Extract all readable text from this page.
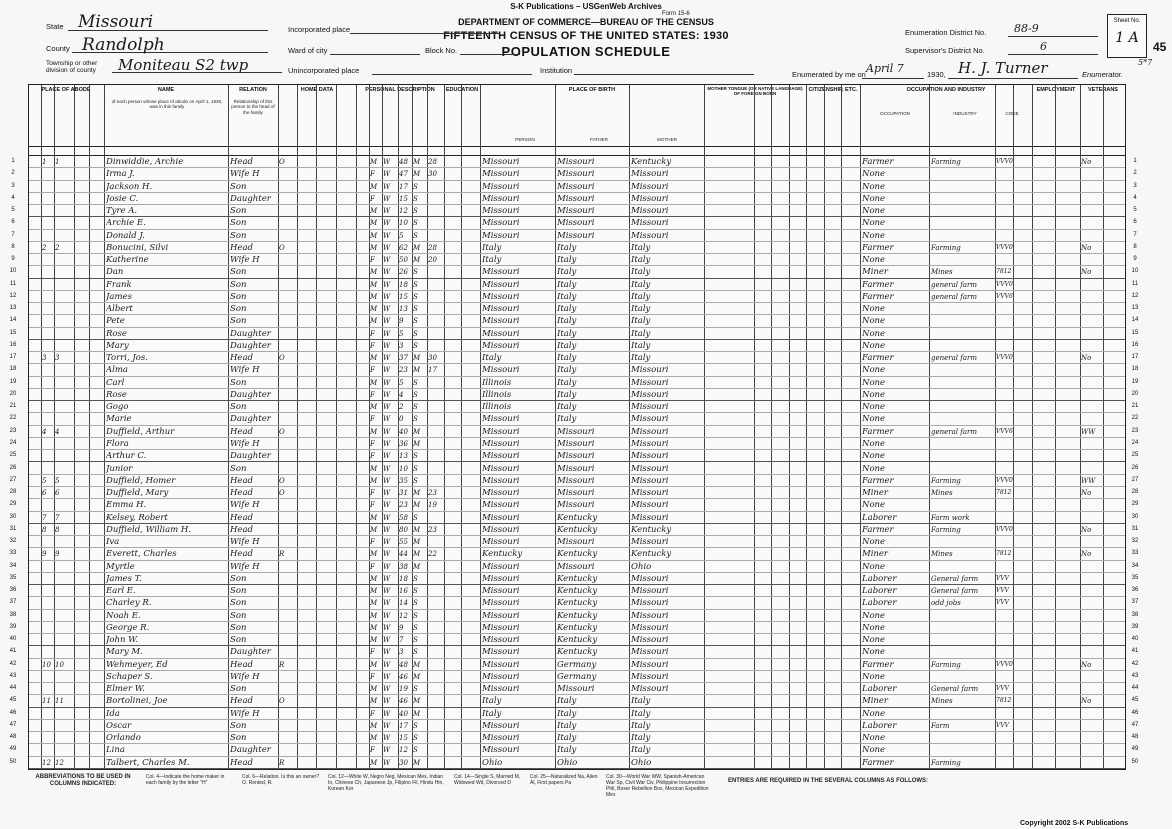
S-K Publications – USGenWeb Archives
Form 15-6
DEPARTMENT OF COMMERCE—BUREAU OF THE CENSUS
FIFTEENTH CENSUS OF THE UNITED STATES: 1930
POPULATION SCHEDULE
State Missouri
County Randolph
Township or other division of county	Moniteau S2 twp
Incorporated place
Ward of city	Block No.
Unincorporated place	Institution
Enumeration District No.	88-9
Supervisor's District No.	6
Enumerated by me on April 7	1930, H. J. Turner	Enumerator.
Sheet No.
1 A
45
5*7
PLACE OF ABODE	NAME	RELATION	HOME DATA	PERSONAL DESCRIPTION	EDUCATION	PLACE OF BIRTH	MOTHER TONGUE (OR NATIVE LANGUAGE) OF FOREIGN BORN
CITIZENSHIP, ETC.	OCCUPATION AND INDUSTRY	EMPLOYMENT	VETERANS
of each person whose place of abode on April 1, 1930, was in this family
Relationship of this person to the head of the family
PERSON	FATHER	MOTHER
OCCUPATION	INDUSTRY	CODE
1	1
1	1	Dinwiddie, Archie	Head	O	M W	48 M	28	Missouri	Missouri	Kentucky	Farmer	Farming	VVV0	No
2	2
Irma J.	Wife H	F	W	47 M	30	Missouri	Missouri	Missouri	None
3	3
Jackson H.	Son	M W	17 S	Missouri	Missouri	Missouri	None
4	4
Josie C.	Daughter	F	W	15 S	Missouri	Missouri	Missouri	None
5	5
Tyre A.	Son	M W	12 S	Missouri	Missouri	Missouri	None
6	6
Archie E.	Son	M W	10 S	Missouri	Missouri	Missouri	None
7	7
Donald J.	Son	M W	5	S	Missouri	Missouri	Missouri	None
8	8
2	2	Bonucini, Silvi	Head	O	M W	62 M	28	Italy	Italy	Italy	Farmer	Farming	VVV0	No
9	9
Katherine	Wife H	F	W	50 M	20	Italy	Italy	Italy	None
10	10
Dan	Son	M W	26 S	Missouri	Italy	Italy	Miner	Mines	7812	No
11	11
Frank	Son	M W	18 S	Missouri	Italy	Italy	Farmer	general farm	VVV0
12	12
James	Son	M W	15 S	Missouri	Italy	Italy	Farmer	general farm	VVV6
13	13
Albert	Son	M W	13 S	Missouri	Italy	Italy	None
14	14
Pete	Son	M W	9	S	Missouri	Italy	Italy	None
15	15
Rose	Daughter	F	W	5	S	Missouri	Italy	Italy	None
16	16
Mary	Daughter	F	W	3	S	Missouri	Italy	Italy	None
17	17
3	3	Torri, Jos.	Head	O	M W	37 M	30	Italy	Italy	Italy	Farmer	general farm	VVV0	No
18	18
Alma	Wife H	F	W	23 M	17	Missouri	Italy	Missouri	None
19	19
Carl	Son	M W	5	S	Illinois	Italy	Missouri	None
20	20
Rose	Daughter	F	W	4	S	Illinois	Italy	Missouri	None
21	21
Gogo	Son	M W	2	S	Illinois	Italy	Missouri	None
22	22
Marie	Daughter	F	W	0	S	Missouri	Italy	Missouri	None
23	23
4	4	Duffield, Arthur	Head	O	M W	40 M	Missouri	Missouri	Missouri	Farmer	general farm	VVV6	WW
24	24
Flora	Wife H	F	W	36 M	Missouri	Missouri	Missouri	None
25	25
Arthur C.	Daughter	F	W	13 S	Missouri	Missouri	Missouri	None
26	26
Junior	Son	M W	10 S	Missouri	Missouri	Missouri	None
27	27
5	5	Duffield, Homer	Head	O	M W	35 S	Missouri	Missouri	Missouri	Farmer	Farming	VVV0	WW
28	28
6	6	Duffield, Mary	Head	O	F	W	31 M	23	Missouri	Missouri	Missouri	Miner	Mines	7812	No
29	29
Emma H.	Wife H	F	W	23 M	19	Missouri	Missouri	Missouri	None
30	30
7	7	Kelsey, Robert	Head	M W	58 S	Missouri	Kentucky	Missouri	Laborer	Farm work
31	31
8	8	Duffield, William H.	Head	M W	80 M	23	Missouri	Kentucky	Kentucky	Farmer	Farming	VVV0	No
32	32
Iva	Wife H	F	W	55 M	Missouri	Missouri	Missouri	None
33	33
9	9	Everett, Charles	Head	R	M W	44 M	22	Kentucky	Kentucky	Kentucky	Miner	Mines	7812	No
34	34
Myrtle	Wife H	F	W	38 M	Missouri	Missouri	Ohio	None
35	35
James T.	Son	M W	18 S	Missouri	Kentucky	Missouri	Laborer	General farm	VVV
36	36
Earl E.	Son	M W	16 S	Missouri	Kentucky	Missouri	Laborer	General farm	VVV
37	37
Charley R.	Son	M W	14 S	Missouri	Kentucky	Missouri	Laborer	odd jobs	VVV
38	38
Noah E.	Son	M W	12 S	Missouri	Kentucky	Missouri	None
39	39
George R.	Son	M W	9	S	Missouri	Kentucky	Missouri	None
40	40
John W.	Son	M W	7	S	Missouri	Kentucky	Missouri	None
41	41
Mary M.	Daughter	F	W	3	S	Missouri	Kentucky	Missouri	None
42	42
10 10	Wehmeyer, Ed	Head	R	M W	48 M	Missouri	Germany	Missouri	Farmer	Farming	VVV0	No
43	43
Schaper S.	Wife H	F	W	46 M	Missouri	Germany	Missouri	None
44	44
Elmer W.	Son	M W	19 S	Missouri	Missouri	Missouri	Laborer	General farm	VVV
45	45
11 11	Bortolinei, Joe	Head	O	M W	46 M	Italy	Italy	Italy	Miner	Mines	7812	No
46	46
Ida	Wife H	F	W	40 M	Italy	Italy	Italy	None
47	47
Oscar	Son	M W	17 S	Missouri	Italy	Italy	Laborer	Farm	VVV
48	48
Orlando	Son	M W	15 S	Missouri	Italy	Italy	None
49	49
Lina	Daughter	F	W	12 S	Missouri	Italy	Italy	None
50	50
12 12	Talbert, Charles M.	Head	R	M W	30 M	Ohio	Ohio	Ohio	Farmer	Farming
ABBREVIATIONS TO BE USED IN COLUMNS INDICATED:
Col. 4—Indicate the home maker in each family by the letter "H"
Col. 6—Relation. Is this an owner? O. Rented, R.
Col. 12—White W, Negro Neg, Mexican Mex, Indian In, Chinese Ch, Japanese Jp, Filipino Fil, Hindu Hin, Korean Kor
Col. 14—Single S, Married M, Widowed Wd, Divorced D
Col. 25—Naturalized Na, Alien Al, First papers Pa
Col. 30—World War WW, Spanish-American War Sp, Civil War Civ, Philippine Insurrection Phil, Boxer Rebellion Box, Mexican Expedition Mex
ENTRIES ARE REQUIRED IN THE SEVERAL COLUMNS AS FOLLOWS:
Copyright 2002 S-K Publications
